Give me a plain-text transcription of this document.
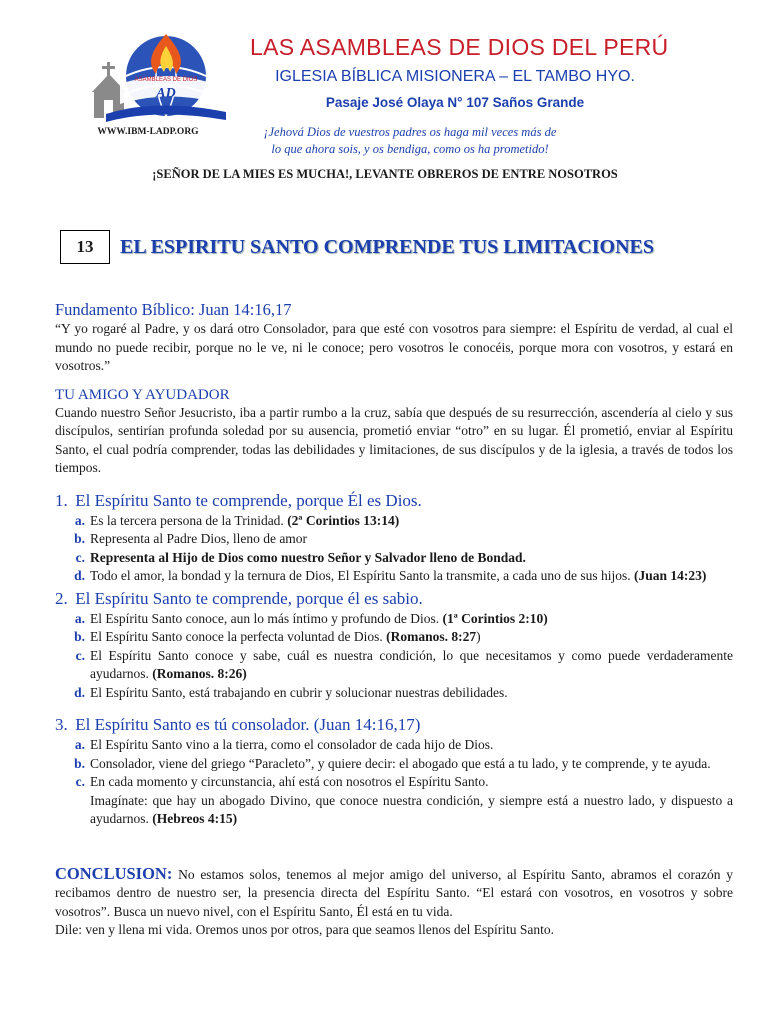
ASAMBLEAS DE DIOS
AD
WWW.IBM-LADP.ORG
LAS ASAMBLEAS DE DIOS DEL PERÚ
IGLESIA BÍBLICA MISIONERA – EL TAMBO HYO.
Pasaje José Olaya N° 107 Saños Grande
¡Jehová Dios de vuestros padres os haga mil veces más de
lo que ahora sois, y os bendiga, como os ha prometido!
¡SEÑOR DE LA MIES ES MUCHA!, LEVANTE OBREROS DE ENTRE NOSOTROS
13	EL ESPIRITU SANTO COMPRENDE TUS LIMITACIONES
Fundamento Bíblico: Juan 14:16,17

“Y yo rogaré al Padre, y os dará otro Consolador, para que esté con vosotros para siempre: el Espíritu de verdad, al cual el mundo no puede recibir, porque no le ve, ni le conoce; pero vosotros le conocéis, porque mora con vosotros, y estará en vosotros.”

TU AMIGO Y AYUDADOR

Cuando nuestro Señor Jesucristo, iba a partir rumbo a la cruz, sabía que después de su resurrección, ascendería al cielo y sus discípulos, sentirían profunda soledad por su ausencia, prometió enviar “otro” en su lugar. Él prometió, enviar al Espíritu Santo, el cual podría comprender, todas las debilidades y limitaciones, de sus discípulos y de la iglesia, a través de todos los tiempos.

1. El Espíritu Santo te comprende, porque Él es Dios.
a. Es la tercera persona de la Trinidad. (2ª Corintios 13:14)
b. Representa al Padre Dios, lleno de amor
c. Representa al Hijo de Dios como nuestro Señor y Salvador lleno de Bondad.
d. Todo el amor, la bondad y la ternura de Dios, El Espíritu Santo la transmite, a cada uno de sus hijos. (Juan 14:23)
2. El Espíritu Santo te comprende, porque él es sabio.
a. El Espíritu Santo conoce, aun lo más íntimo y profundo de Dios. (1ª Corintios 2:10)
b. El Espíritu Santo conoce la perfecta voluntad de Dios. (Romanos. 8:27)
c. El Espíritu Santo conoce y sabe, cuál es nuestra condición, lo que necesitamos y como puede verdaderamente ayudarnos. (Romanos. 8:26)
d. El Espíritu Santo, está trabajando en cubrir y solucionar nuestras debilidades.
3. El Espíritu Santo es tú consolador. (Juan 14:16,17)
a. El Espíritu Santo vino a la tierra, como el consolador de cada hijo de Dios.
b. Consolador, viene del griego “Paracleto”, y quiere decir: el abogado que está a tu lado, y te comprende, y te ayuda.
c. En cada momento y circunstancia, ahí está con nosotros el Espíritu Santo.
Imagínate: que hay un abogado Divino, que conoce nuestra condición, y siempre está a nuestro lado, y dispuesto a ayudarnos. (Hebreos 4:15)

CONCLUSION: No estamos solos, tenemos al mejor amigo del universo, al Espíritu Santo, abramos el corazón y recibamos dentro de nuestro ser, la presencia directa del Espíritu Santo. “El estará con vosotros, en vosotros y sobre vosotros”. Busca un nuevo nivel, con el Espíritu Santo, Él está en tu vida.

Dile: ven y llena mi vida. Oremos unos por otros, para que seamos llenos del Espíritu Santo.
